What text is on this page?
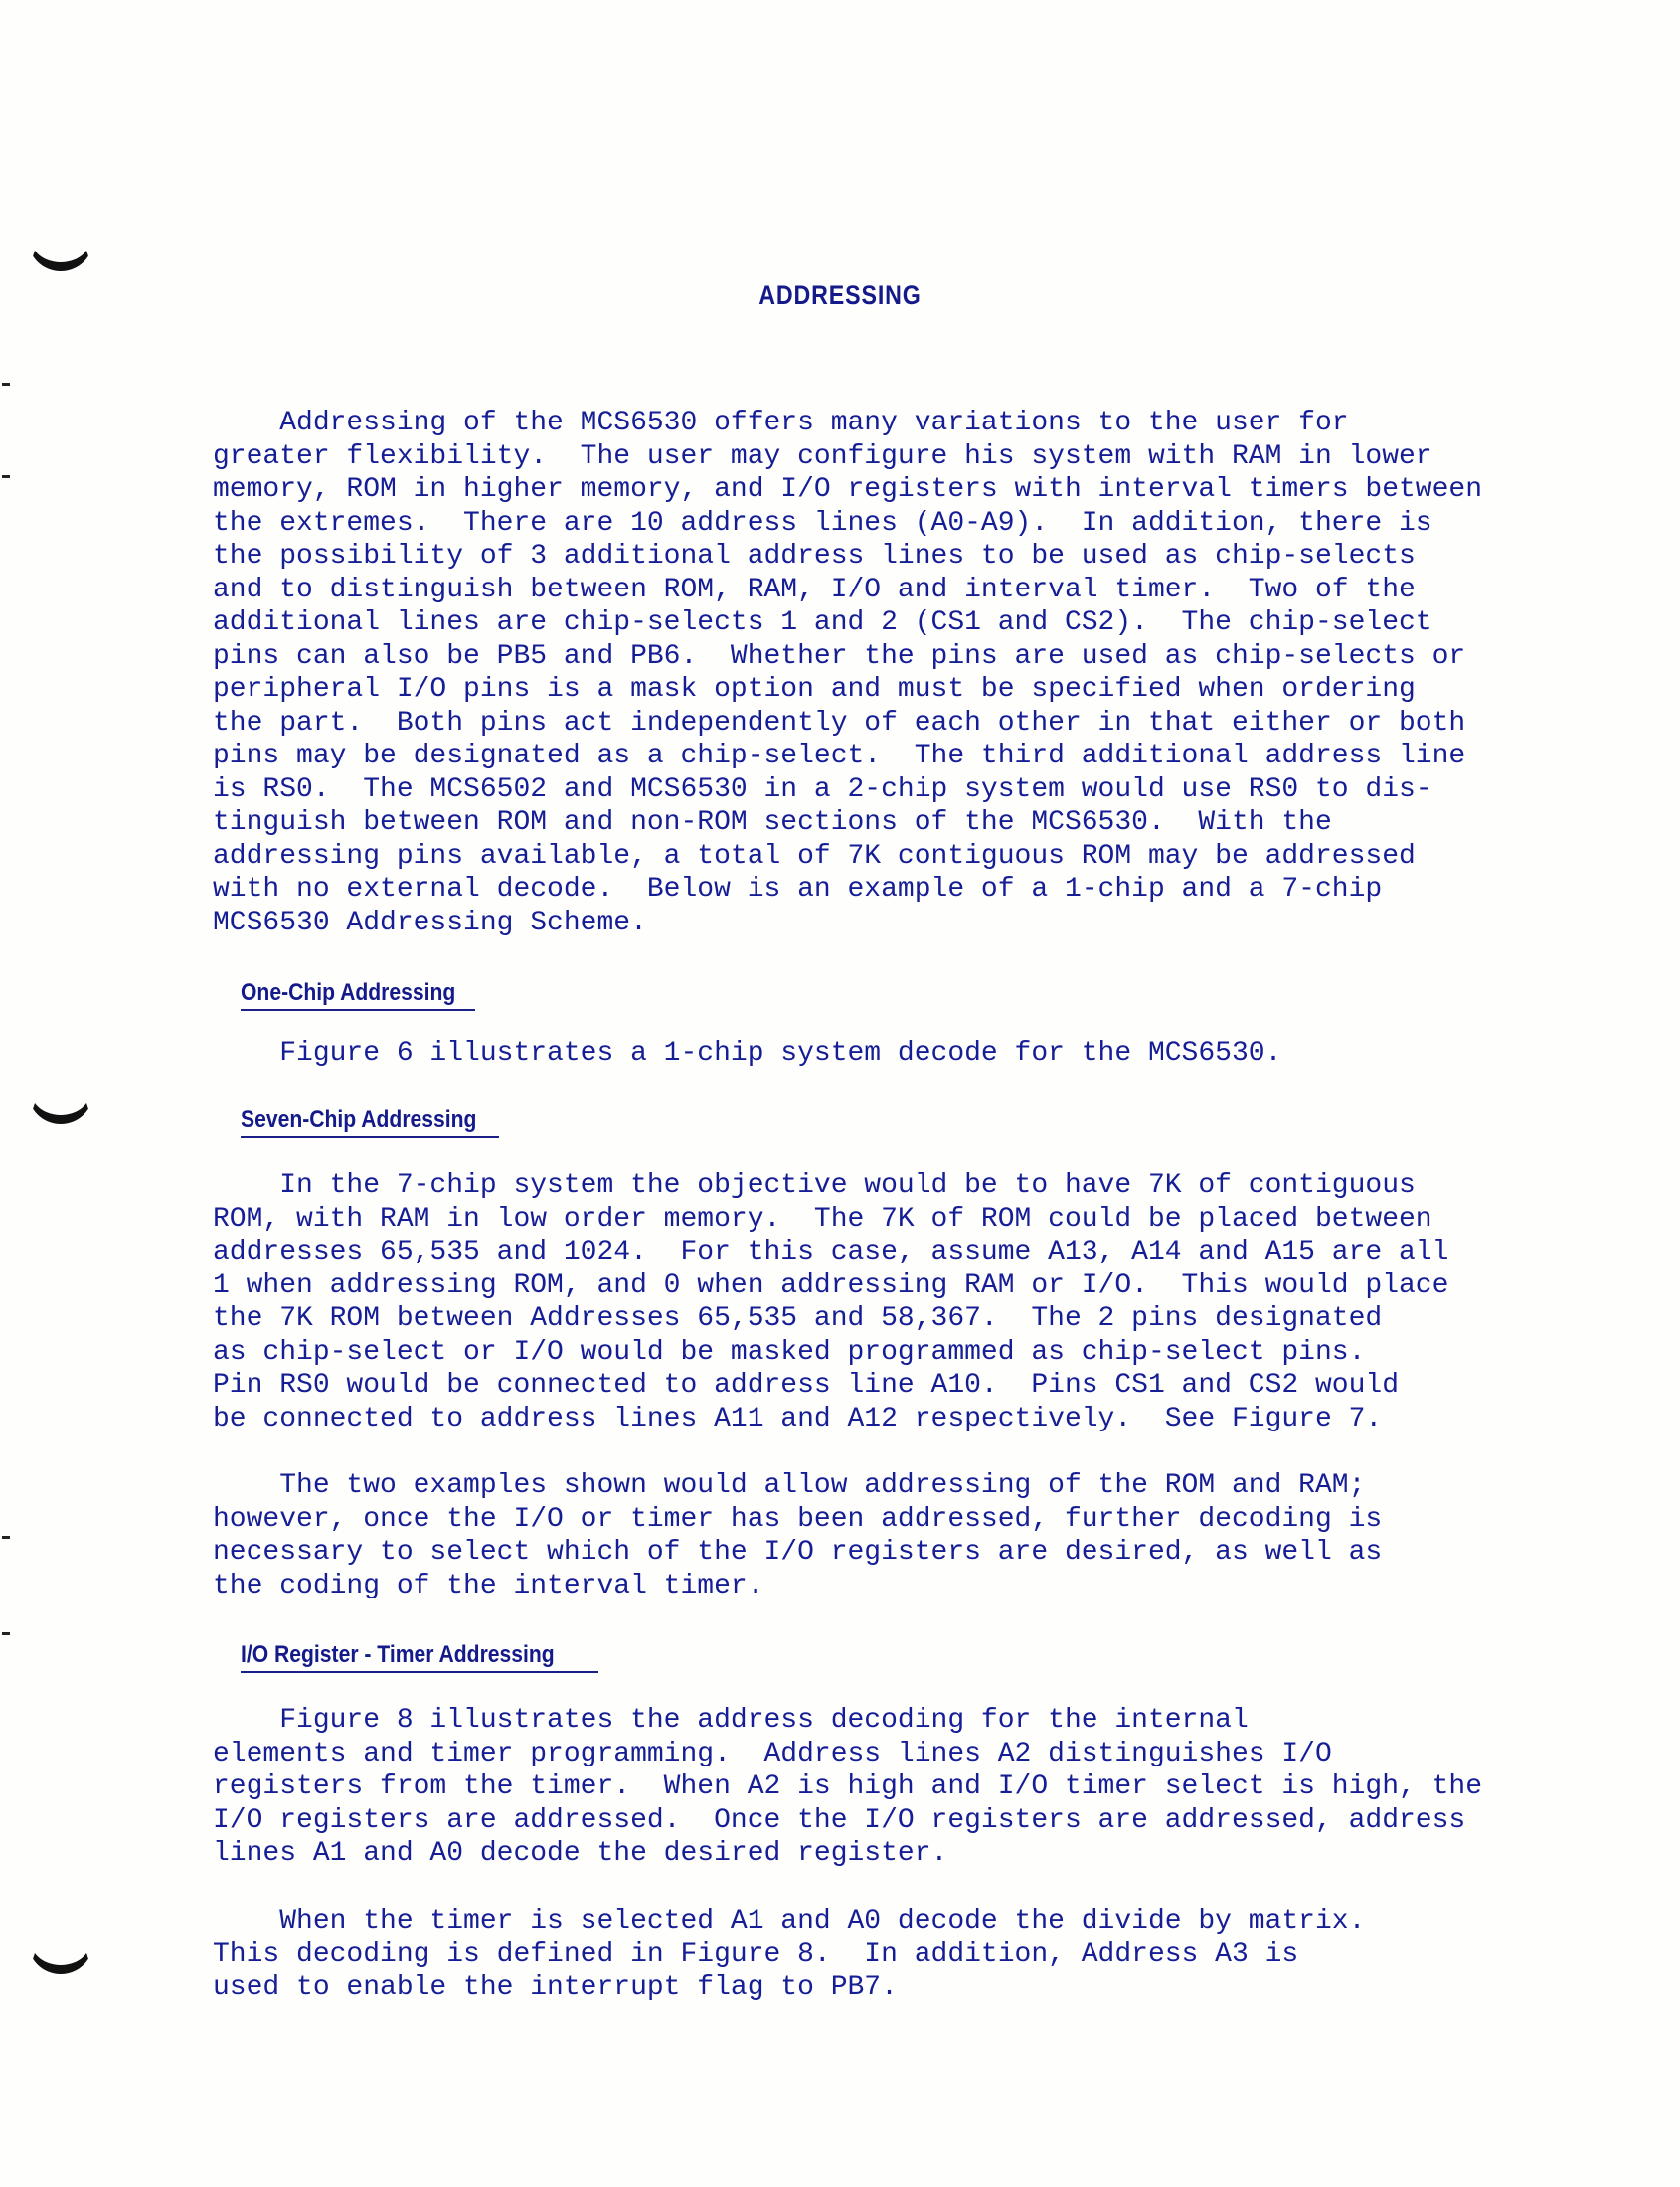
ADDRESSING

Addressing of the MCS6530 offers many variations to the user for
greater flexibility.  The user may configure his system with RAM in lower
memory, ROM in higher memory, and I/O registers with interval timers between
the extremes.  There are 10 address lines (A0-A9).  In addition, there is
the possibility of 3 additional address lines to be used as chip-selects
and to distinguish between ROM, RAM, I/O and interval timer.  Two of the
additional lines are chip-selects 1 and 2 (CS1 and CS2).  The chip-select
pins can also be PB5 and PB6.  Whether the pins are used as chip-selects or
peripheral I/O pins is a mask option and must be specified when ordering
the part.  Both pins act independently of each other in that either or both
pins may be designated as a chip-select.  The third additional address line
is RS0.  The MCS6502 and MCS6530 in a 2-chip system would use RS0 to dis-
tinguish between ROM and non-ROM sections of the MCS6530.  With the
addressing pins available, a total of 7K contiguous ROM may be addressed
with no external decode.  Below is an example of a 1-chip and a 7-chip
MCS6530 Addressing Scheme.

One-Chip Addressing

Figure 6 illustrates a 1-chip system decode for the MCS6530.

Seven-Chip Addressing

In the 7-chip system the objective would be to have 7K of contiguous
ROM, with RAM in low order memory.  The 7K of ROM could be placed between
addresses 65,535 and 1024.  For this case, assume A13, A14 and A15 are all
1 when addressing ROM, and 0 when addressing RAM or I/O.  This would place
the 7K ROM between Addresses 65,535 and 58,367.  The 2 pins designated
as chip-select or I/O would be masked programmed as chip-select pins.
Pin RS0 would be connected to address line A10.  Pins CS1 and CS2 would
be connected to address lines A11 and A12 respectively.  See Figure 7.

The two examples shown would allow addressing of the ROM and RAM;
however, once the I/O or timer has been addressed, further decoding is
necessary to select which of the I/O registers are desired, as well as
the coding of the interval timer.

I/O Register - Timer Addressing

Figure 8 illustrates the address decoding for the internal
elements and timer programming.  Address lines A2 distinguishes I/O
registers from the timer.  When A2 is high and I/O timer select is high, the
I/O registers are addressed.  Once the I/O registers are addressed, address
lines A1 and A0 decode the desired register.

When the timer is selected A1 and A0 decode the divide by matrix.
This decoding is defined in Figure 8.  In addition, Address A3 is
used to enable the interrupt flag to PB7.
